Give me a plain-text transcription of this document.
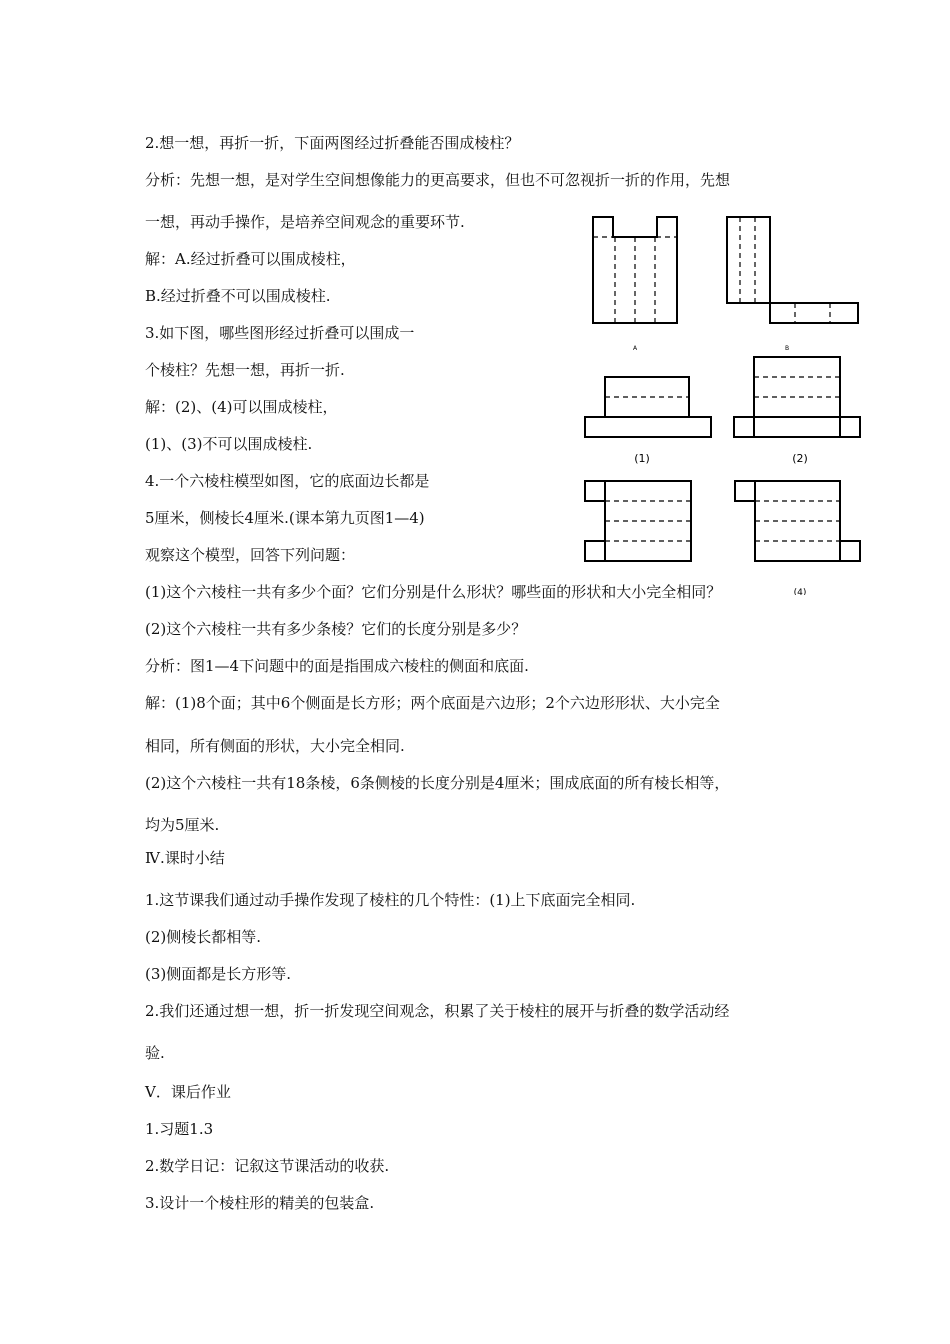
2.想一想，再折一折，下面两图经过折叠能否围成棱柱？
分析：先想一想，是对学生空间想像能力的更高要求，但也不可忽视折一折的作用，先想
一想，再动手操作，是培养空间观念的重要环节.
解：A.经过折叠可以围成棱柱，
B.经过折叠不可以围成棱柱.
3.如下图，哪些图形经过折叠可以围成一
个棱柱？先想一想，再折一折.
解：(2)、(4)可以围成棱柱，
(1)、(3)不可以围成棱柱.
4.一个六棱柱模型如图，它的底面边长都是
5厘米，侧棱长4厘米.(课本第九页图1—4)
观察这个模型，回答下列问题：
(1)这个六棱柱一共有多少个面？它们分别是什么形状？哪些面的形状和大小完全相同？
(2)这个六棱柱一共有多少条棱？它们的长度分别是多少？
分析：图1—4下问题中的面是指围成六棱柱的侧面和底面.
解：(1)8个面；其中6个侧面是长方形；两个底面是六边形；2个六边形形状、大小完全
相同，所有侧面的形状，大小完全相同.
(2)这个六棱柱一共有18条棱，6条侧棱的长度分别是4厘米；围成底面的所有棱长相等，
均为5厘米.
Ⅳ.课时小结
1.这节课我们通过动手操作发现了棱柱的几个特性：(1)上下底面完全相同.
(2)侧棱长都相等.
(3)侧面都是长方形等.
2.我们还通过想一想，折一折发现空间观念，积累了关于棱柱的展开与折叠的数学活动经
验.
Ⅴ．课后作业
1.习题1.3
2.数学日记：记叙这节课活动的收获.
3.设计一个棱柱形的精美的包装盒.
A	B
(1)	(2)
(4)
